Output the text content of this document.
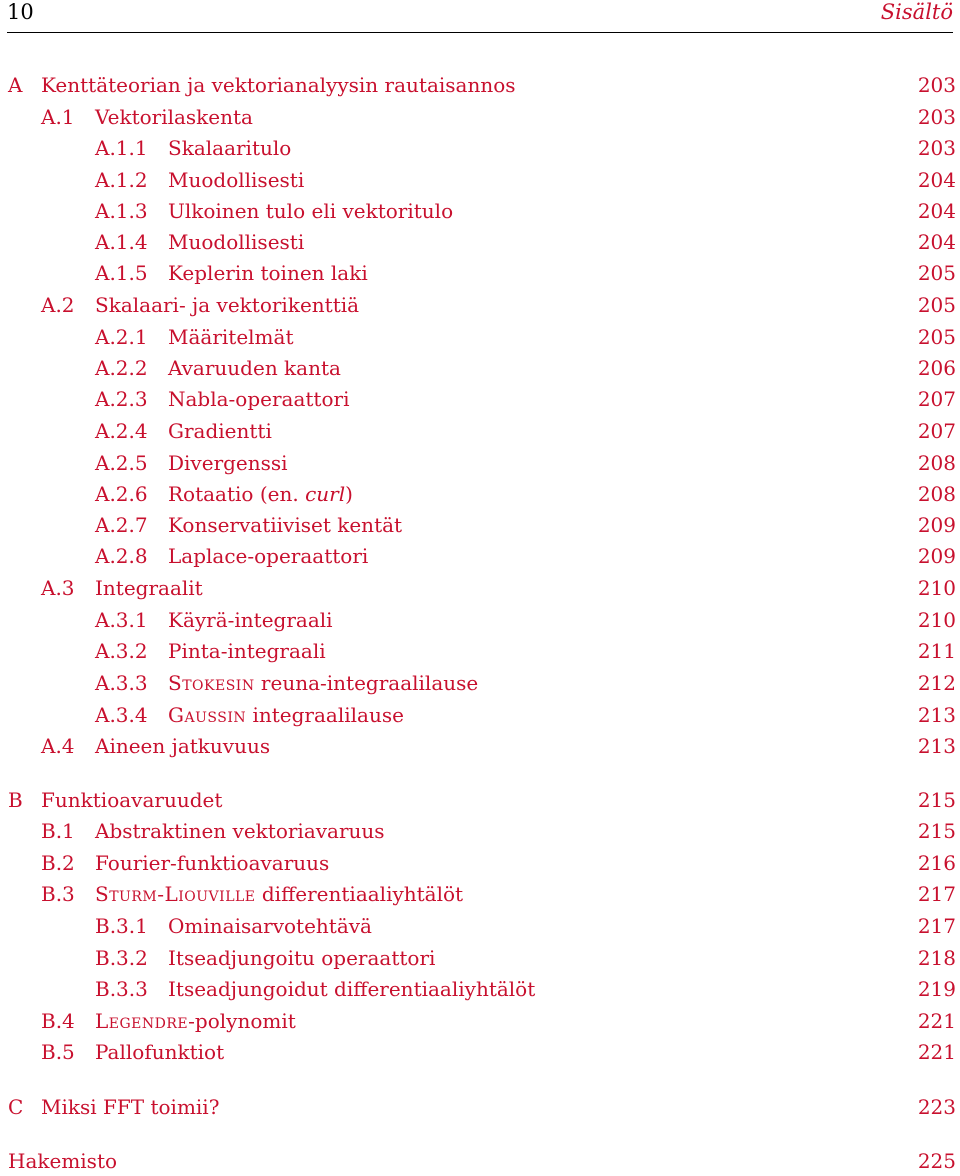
10	Sisältö
A Kenttäteorian ja vektorianalyysin rautaisannos	203
A.1 Vektorilaskenta	203
A.1.1 Skalaaritulo	203
A.1.2 Muodollisesti	204
A.1.3 Ulkoinen tulo eli vektoritulo	204
A.1.4 Muodollisesti	204
A.1.5 Keplerin toinen laki	205
A.2 Skalaari- ja vektorikenttiä	205
A.2.1 Määritelmät	205
A.2.2 Avaruuden kanta	206
A.2.3 Nabla-operaattori	207
A.2.4 Gradientti	207
A.2.5 Divergenssi	208
A.2.6 Rotaatio (en. curl)	208
A.2.7 Konservatiiviset kentät	209
A.2.8 Laplace-operaattori	209
A.3 Integraalit	210
A.3.1 Käyrä-integraali	210
A.3.2 Pinta-integraali	211
A.3.3 Stokesin reuna-integraalilause	212
A.3.4 Gaussin integraalilause	213
A.4 Aineen jatkuvuus	213
B Funktioavaruudet	215
B.1 Abstraktinen vektoriavaruus	215
B.2 Fourier-funktioavaruus	216
B.3 Sturm-Liouville differentiaaliyhtälöt	217
B.3.1 Ominaisarvotehtävä	217
B.3.2 Itseadjungoitu operaattori	218
B.3.3 Itseadjungoidut differentiaaliyhtälöt	219
B.4 Legendre-polynomit	221
B.5 Pallofunktiot	221
C Miksi FFT toimii?	223
Hakemisto	225
